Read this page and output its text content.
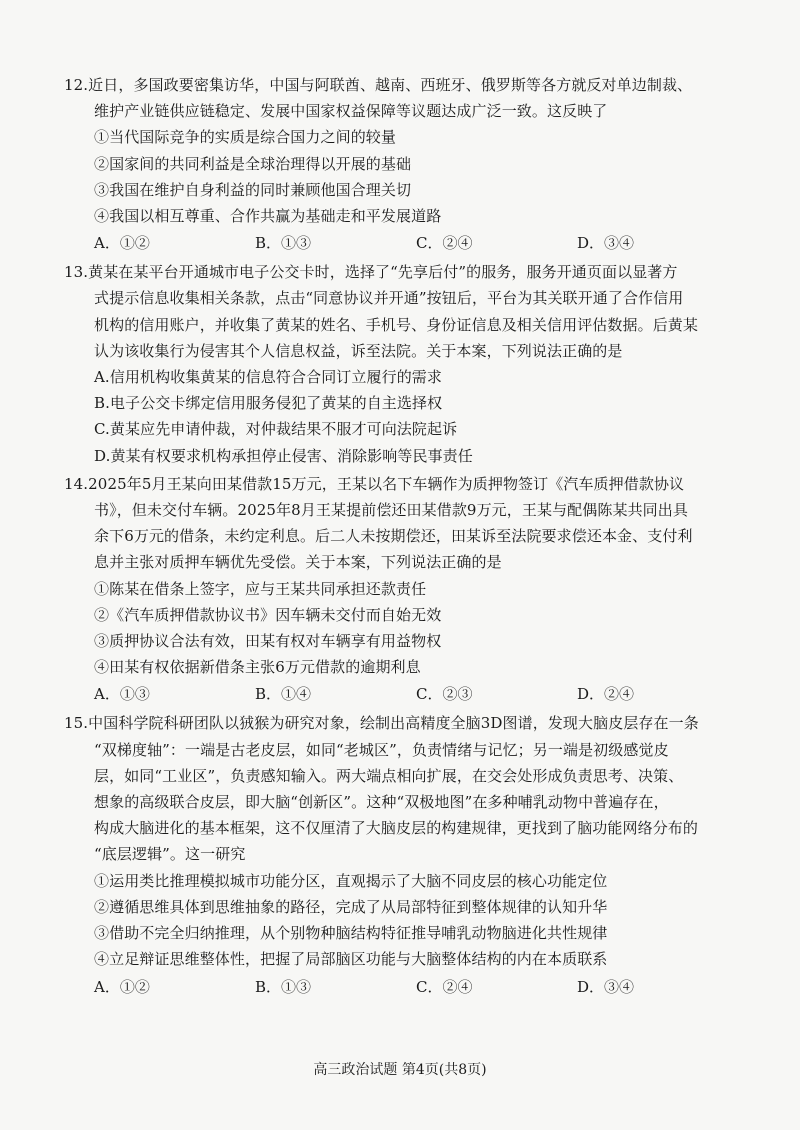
12.近日，多国政要密集访华，中国与阿联酋、越南、西班牙、俄罗斯等各方就反对单边制裁、
维护产业链供应链稳定、发展中国家权益保障等议题达成广泛一致。这反映了
①当代国际竞争的实质是综合国力之间的较量
②国家间的共同利益是全球治理得以开展的基础
③我国在维护自身利益的同时兼顾他国合理关切
④我国以相互尊重、合作共赢为基础走和平发展道路
A．①②	B．①③	C．②④	D．③④
13.黄某在某平台开通城市电子公交卡时，选择了“先享后付”的服务，服务开通页面以显著方
式提示信息收集相关条款，点击“同意协议并开通”按钮后，平台为其关联开通了合作信用
机构的信用账户，并收集了黄某的姓名、手机号、身份证信息及相关信用评估数据。后黄某
认为该收集行为侵害其个人信息权益，诉至法院。关于本案，下列说法正确的是
A.信用机构收集黄某的信息符合合同订立履行的需求
B.电子公交卡绑定信用服务侵犯了黄某的自主选择权
C.黄某应先申请仲裁，对仲裁结果不服才可向法院起诉
D.黄某有权要求机构承担停止侵害、消除影响等民事责任
14.2025年5月王某向田某借款15万元，王某以名下车辆作为质押物签订《汽车质押借款协议
书》，但未交付车辆。2025年8月王某提前偿还田某借款9万元，王某与配偶陈某共同出具
余下6万元的借条，未约定利息。后二人未按期偿还，田某诉至法院要求偿还本金、支付利
息并主张对质押车辆优先受偿。关于本案，下列说法正确的是
①陈某在借条上签字，应与王某共同承担还款责任
②《汽车质押借款协议书》因车辆未交付而自始无效
③质押协议合法有效，田某有权对车辆享有用益物权
④田某有权依据新借条主张6万元借款的逾期利息
A．①③	B．①④	C．②③	D．②④
15.中国科学院科研团队以狨猴为研究对象，绘制出高精度全脑3D图谱，发现大脑皮层存在一条
“双梯度轴”：一端是古老皮层，如同“老城区”，负责情绪与记忆；另一端是初级感觉皮
层，如同“工业区”，负责感知输入。两大端点相向扩展，在交会处形成负责思考、决策、
想象的高级联合皮层，即大脑“创新区”。这种“双极地图”在多种哺乳动物中普遍存在，
构成大脑进化的基本框架，这不仅厘清了大脑皮层的构建规律，更找到了脑功能网络分布的
“底层逻辑”。这一研究
①运用类比推理模拟城市功能分区，直观揭示了大脑不同皮层的核心功能定位
②遵循思维具体到思维抽象的路径，完成了从局部特征到整体规律的认知升华
③借助不完全归纳推理，从个别物种脑结构特征推导哺乳动物脑进化共性规律
④立足辩证思维整体性，把握了局部脑区功能与大脑整体结构的内在本质联系
A．①②	B．①③	C．②④	D．③④
高三政治试题 第4页(共8页)
